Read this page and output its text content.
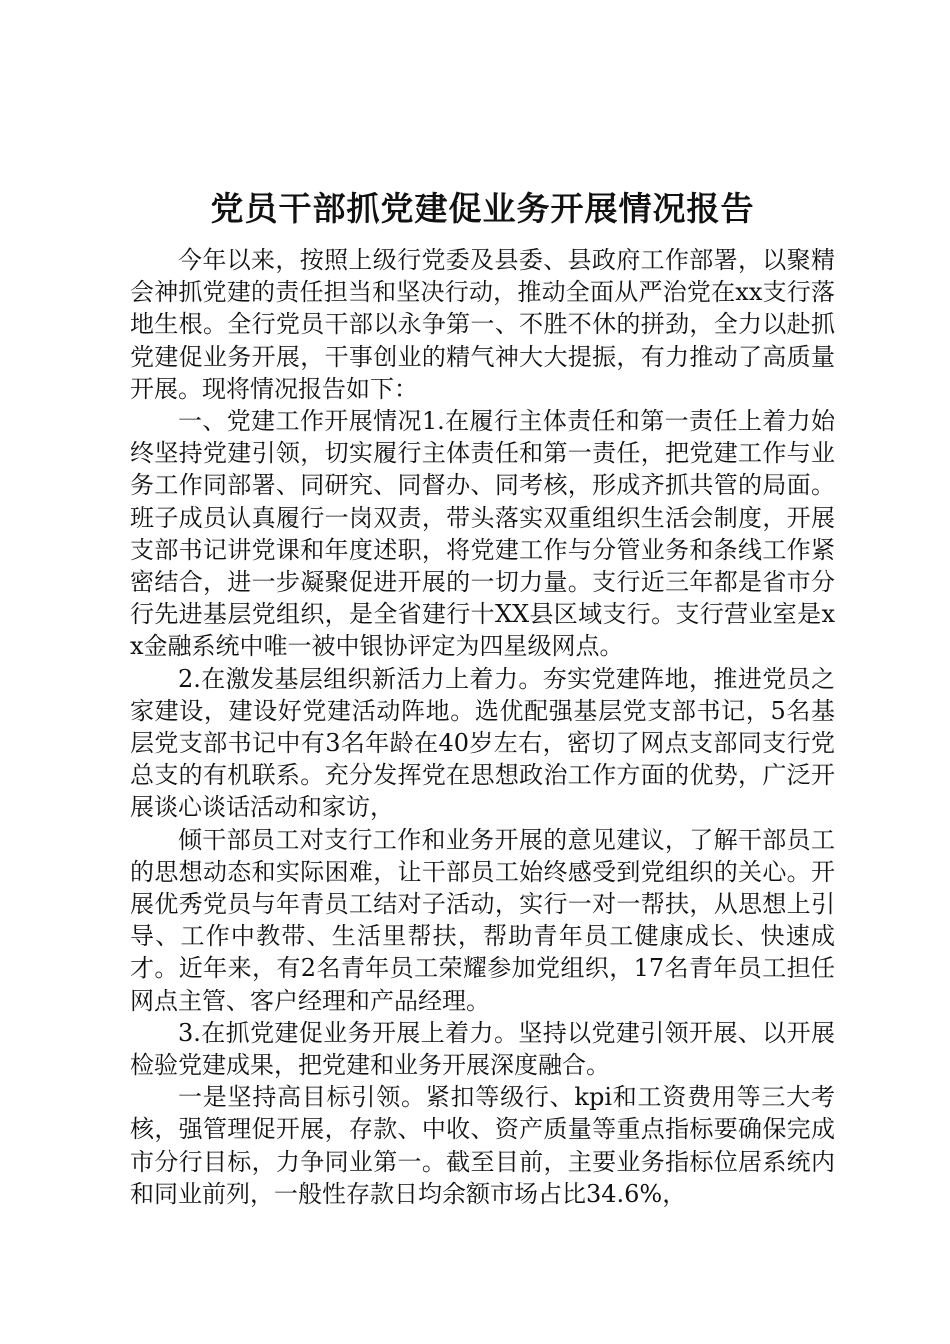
党员干部抓党建促业务开展情况报告

今年以来，按照上级行党委及县委、县政府工作部署，以聚精会神抓党建的责任担当和坚决行动，推动全面从严治党在xx支行落地生根。全行党员干部以永争第一、不胜不休的拼劲，全力以赴抓党建促业务开展，干事创业的精气神大大提振，有力推动了高质量开展。现将情况报告如下：

一、党建工作开展情况1.在履行主体责任和第一责任上着力始终坚持党建引领，切实履行主体责任和第一责任，把党建工作与业务工作同部署、同研究、同督办、同考核，形成齐抓共管的局面。班子成员认真履行一岗双责，带头落实双重组织生活会制度，开展支部书记讲党课和年度述职，将党建工作与分管业务和条线工作紧密结合，进一步凝聚促进开展的一切力量。支行近三年都是省市分行先进基层党组织，是全省建行十XX县区域支行。支行营业室是xx金融系统中唯一被中银协评定为四星级网点。

2.在激发基层组织新活力上着力。夯实党建阵地，推进党员之家建设，建设好党建活动阵地。选优配强基层党支部书记，5名基层党支部书记中有3名年龄在40岁左右，密切了网点支部同支行党总支的有机联系。充分发挥党在思想政治工作方面的优势，广泛开展谈心谈话活动和家访，

倾干部员工对支行工作和业务开展的意见建议，了解干部员工的思想动态和实际困难，让干部员工始终感受到党组织的关心。开展优秀党员与年青员工结对子活动，实行一对一帮扶，从思想上引导、工作中教带、生活里帮扶，帮助青年员工健康成长、快速成才。近年来，有2名青年员工荣耀参加党组织，17名青年员工担任网点主管、客户经理和产品经理。

3.在抓党建促业务开展上着力。坚持以党建引领开展、以开展检验党建成果，把党建和业务开展深度融合。

一是坚持高目标引领。紧扣等级行、kpi和工资费用等三大考核，强管理促开展，存款、中收、资产质量等重点指标要确保完成市分行目标，力争同业第一。截至目前，主要业务指标位居系统内和同业前列，一般性存款日均余额市场占比34.6%，
